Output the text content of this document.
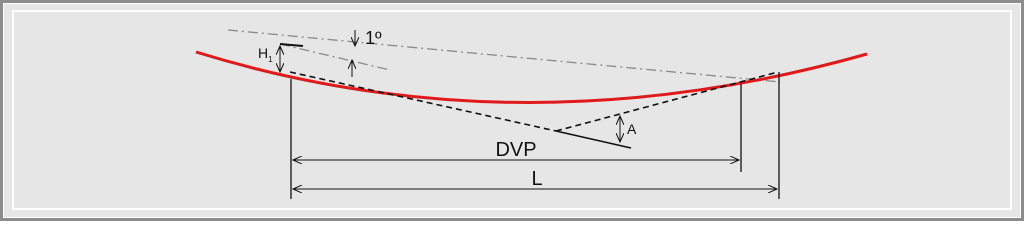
$H_1$
1º
A
DVP
L
